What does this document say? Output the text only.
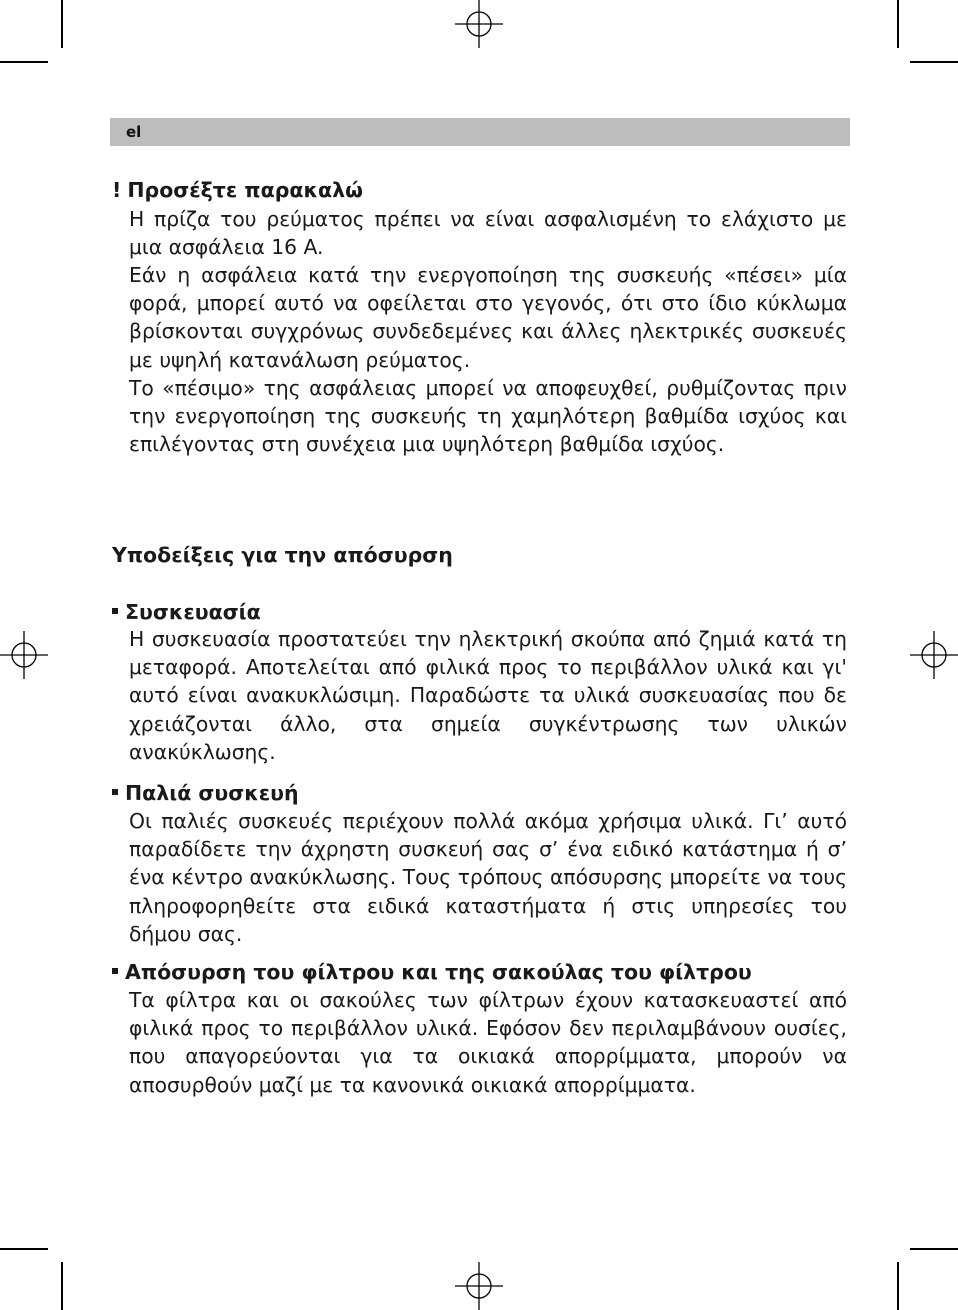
el
! Προσέξτε παρακαλώ
Η πρίζα του ρεύματος πρέπει να είναι ασφαλισμένη το ελάχιστο με μια ασφάλεια 16 A.
Εάν η ασφάλεια κατά την ενεργοποίηση της συσκευής «πέσει» μία φορά, μπορεί αυτό να οφείλεται στο γεγονός, ότι στο ίδιο κύκλωμα βρίσκονται συγχρόνως συνδεδεμένες και άλλες ηλεκτρικές συσκευές με υψηλή κατανάλωση ρεύματος.
Το «πέσιμο» της ασφάλειας μπορεί να αποφευχθεί, ρυθμίζοντας πριν την ενεργοποίηση της συσκευής τη χαμηλότερη βαθμίδα ισχύος και επιλέγοντας στη συνέχεια μια υψηλότερη βαθμίδα ισχύος.
Υποδείξεις για την απόσυρση
Συσκευασία
Η συσκευασία προστατεύει την ηλεκτρική σκούπα από ζημιά κατά τη μεταφορά. Αποτελείται από φιλικά προς το περιβάλλον υλικά και γι' αυτό είναι ανακυκλώσιμη. Παραδώστε τα υλικά συσκευασίας που δε χρειάζονται άλλο, στα σημεία συγκέντρωσης των υλικών ανακύκλωσης.
Παλιά συσκευή
Οι παλιές συσκευές περιέχουν πολλά ακόμα χρήσιμα υλικά. Γι’ αυτό παραδίδετε την άχρηστη συσκευή σας σ’ ένα ειδικό κατάστημα ή σ’ ένα κέντρο ανακύκλωσης. Τους τρόπους απόσυρσης μπορείτε να τους πληροφορηθείτε στα ειδικά καταστήματα ή στις υπηρεσίες του δήμου σας.
Απόσυρση του φίλτρου και της σακούλας του φίλτρου
Τα φίλτρα και οι σακούλες των φίλτρων έχουν κατασκευαστεί από φιλικά προς το περιβάλλον υλικά. Εφόσον δεν περιλαμβάνουν ουσίες, που απαγορεύονται για τα οικιακά απορρίμματα, μπορούν να αποσυρθούν μαζί με τα κανονικά οικιακά απορρίμματα.
